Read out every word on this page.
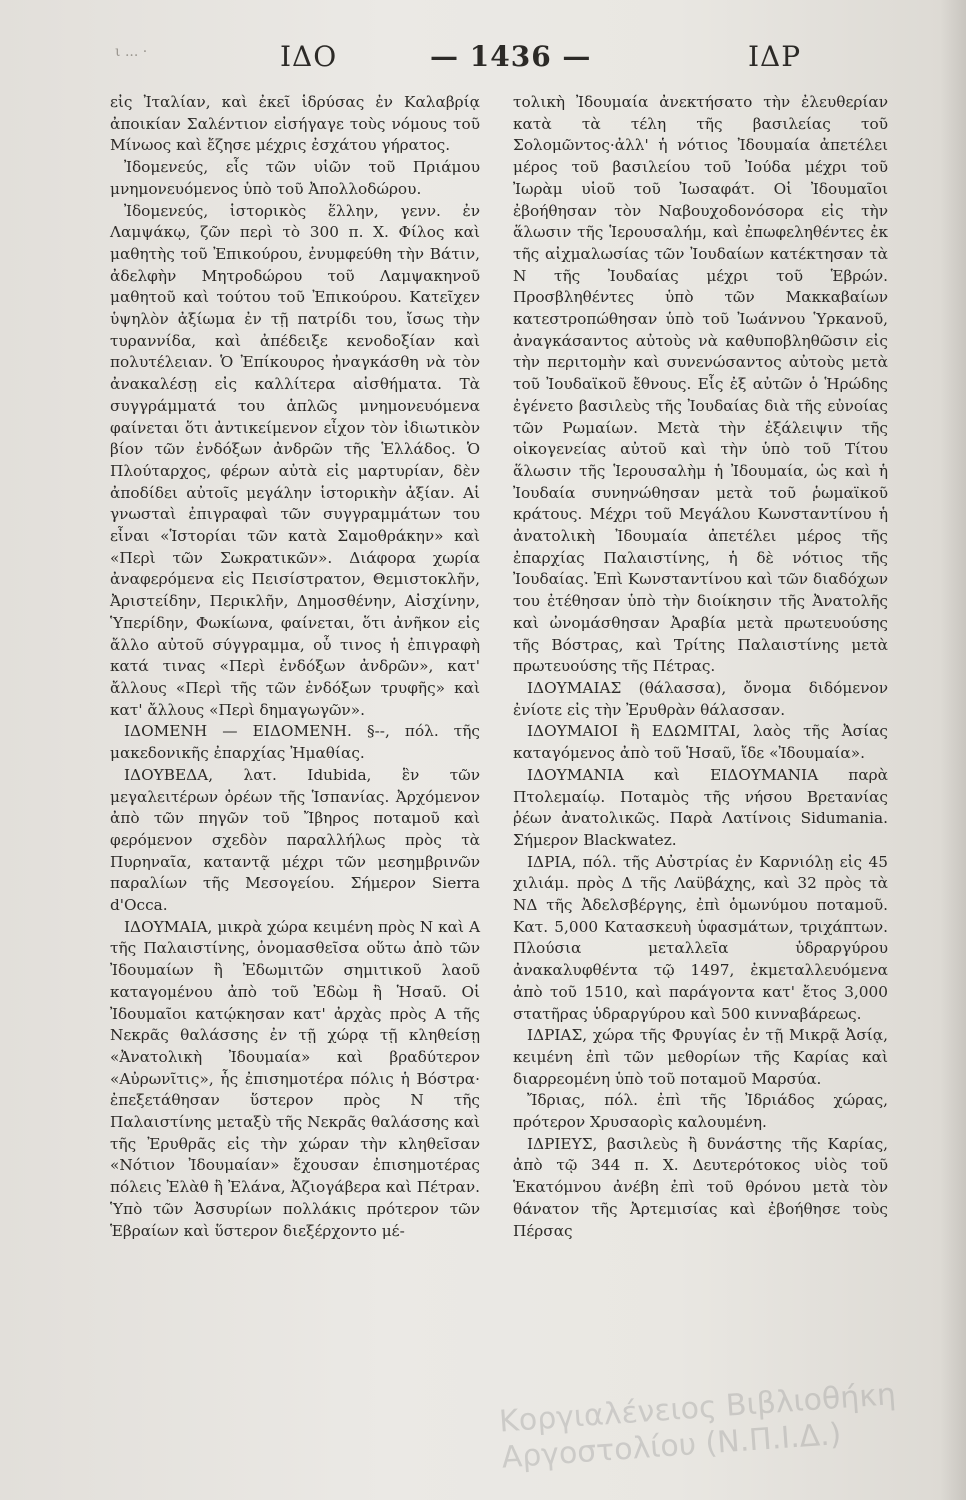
ι ... ·	ΙΔΟ	— 1436 —	ΙΔΡ

εἰς Ἰταλίαν, καὶ ἐκεῖ ἱδρύσας ἐν Καλαβρίᾳ ἀποικίαν Σαλέντιον εἰσήγαγε τοὺς νόμους τοῦ Μίνωος καὶ ἔζησε μέχρις ἐσχάτου γήρατος.

Ἰδομενεύς, εἷς τῶν υἱῶν τοῦ Πριάμου μνημονευόμενος ὑπὸ τοῦ Ἀπολλοδώρου.

Ἰδομενεύς, ἱστορικὸς ἕλλην, γενν. ἐν Λαμψάκῳ, ζῶν περὶ τὸ 300 π. Χ. Φίλος καὶ μαθητὴς τοῦ Ἐπικούρου, ἐνυμφεύθη τὴν Βάτιν, ἀδελφὴν Μητροδώρου τοῦ Λαμψακηνοῦ μαθητοῦ καὶ τούτου τοῦ Ἐπικούρου. Κατεῖχεν ὑψηλὸν ἀξίωμα ἐν τῇ πατρίδι του, ἴσως τὴν τυραννίδα, καὶ ἀπέδειξε κενοδοξίαν καὶ πολυτέλειαν. Ὁ Ἐπίκουρος ἠναγκάσθη νὰ τὸν ἀνακαλέσῃ εἰς καλλίτερα αἰσθήματα. Τὰ συγγράμματά του ἁπλῶς μνημονευόμενα φαίνεται ὅτι ἀντικείμενον εἶχον τὸν ἰδιωτικὸν βίον τῶν ἐνδόξων ἀνδρῶν τῆς Ἑλλάδος. Ὁ Πλούταρχος, φέρων αὐτὰ εἰς μαρτυρίαν, δὲν ἀποδίδει αὐτοῖς μεγάλην ἱστορικὴν ἀξίαν. Αἱ γνωσταὶ ἐπιγραφαὶ τῶν συγγραμμάτων του εἶναι «Ἱστορίαι τῶν κατὰ Σαμοθράκην» καὶ «Περὶ τῶν Σωκρατικῶν». Διάφορα χωρία ἀναφερόμενα εἰς Πεισίστρατον, Θεμιστοκλῆν, Ἀριστείδην, Περικλῆν, Δημοσθένην, Αἰσχίνην, Ὑπερίδην, Φωκίωνα, φαίνεται, ὅτι ἀνῆκον εἰς ἄλλο αὐτοῦ σύγγραμμα, οὗ τινος ἡ ἐπιγραφὴ κατά τινας «Περὶ ἐνδόξων ἀνδρῶν», κατ' ἄλλους «Περὶ τῆς τῶν ἐνδόξων τρυφῆς» καὶ κατ' ἄλλους «Περὶ δημαγωγῶν».

ΙΔΟΜΕΝΗ — ΕΙΔΟΜΕΝΗ. §--, πόλ. τῆς μακεδονικῆς ἐπαρχίας Ἠμαθίας.

ΙΔΟΥΒΕΔΑ, λατ. Idubida, ἓν τῶν μεγαλειτέρων ὀρέων τῆς Ἱσπανίας. Ἀρχόμενον ἀπὸ τῶν πηγῶν τοῦ Ἴβηρος ποταμοῦ καὶ φερόμενον σχεδὸν παραλλήλως πρὸς τὰ Πυρηναῖα, καταντᾷ μέχρι τῶν μεσημβρινῶν παραλίων τῆς Μεσογείου. Σήμερον Sierra d'Occa.

ΙΔΟΥΜΑΙΑ, μικρὰ χώρα κειμένη πρὸς Ν καὶ Α τῆς Παλαιστίνης, ὀνομασθεῖσα οὕτω ἀπὸ τῶν Ἰδουμαίων ἢ Ἐδωμιτῶν σημιτικοῦ λαοῦ καταγομένου ἀπὸ τοῦ Ἐδὼμ ἢ Ἡσαῦ. Οἱ Ἰδουμαῖοι κατῴκησαν κατ' ἀρχὰς πρὸς Α τῆς Νεκρᾶς θαλάσσης ἐν τῇ χώρᾳ τῇ κληθείσῃ «Ἀνατολικὴ Ἰδουμαία» καὶ βραδύτερον «Αὐρωνῖτις», ἧς ἐπισημοτέρα πόλις ἡ Βόστρα· ἐπεξετάθησαν ὕστερον πρὸς Ν τῆς Παλαιστίνης μεταξὺ τῆς Νεκρᾶς θαλάσσης καὶ τῆς Ἐρυθρᾶς εἰς τὴν χώραν τὴν κληθεῖσαν «Νότιον Ἰδουμαίαν» ἔχουσαν ἐπισημοτέρας πόλεις Ἐλὰθ ἢ Ἐλάνα, Ἀζιογάβερα καὶ Πέτραν. Ὑπὸ τῶν Ἀσσυρίων πολλάκις πρότερον τῶν Ἑβραίων καὶ ὕστερον διεξέρχοντο μέ-

τολικὴ Ἰδουμαία ἀνεκτήσατο τὴν ἐλευθερίαν κατὰ τὰ τέλη τῆς βασιλείας τοῦ Σολομῶντος·ἀλλ' ἡ νότιος Ἰδουμαία ἀπετέλει μέρος τοῦ βασιλείου τοῦ Ἰούδα μέχρι τοῦ Ἰωρὰμ υἱοῦ τοῦ Ἰωσαφάτ. Οἱ Ἰδουμαῖοι ἐβοήθησαν τὸν Ναβουχοδονόσορα εἰς τὴν ἅλωσιν τῆς Ἱερουσαλήμ, καὶ ἐπωφεληθέντες ἐκ τῆς αἰχμαλωσίας τῶν Ἰουδαίων κατέκτησαν τὰ Ν τῆς Ἰουδαίας μέχρι τοῦ Ἑβρών. Προσβληθέντες ὑπὸ τῶν Μακκαβαίων κατεστροπώθησαν ὑπὸ τοῦ Ἰωάννου Ὑρκανοῦ, ἀναγκάσαντος αὐτοὺς νὰ καθυποβληθῶσιν εἰς τὴν περιτομὴν καὶ συνενώσαντος αὐτοὺς μετὰ τοῦ Ἰουδαϊκοῦ ἔθνους. Εἷς ἐξ αὐτῶν ὁ Ἡρώδης ἐγένετο βασιλεὺς τῆς Ἰουδαίας διὰ τῆς εὐνοίας τῶν Ρωμαίων. Μετὰ τὴν ἐξάλειψιν τῆς οἰκογενείας αὐτοῦ καὶ τὴν ὑπὸ τοῦ Τίτου ἅλωσιν τῆς Ἱερουσαλὴμ ἡ Ἰδουμαία, ὡς καὶ ἡ Ἰουδαία συνηνώθησαν μετὰ τοῦ ῥωμαϊκοῦ κράτους. Μέχρι τοῦ Μεγάλου Κωνσταντίνου ἡ ἀνατολικὴ Ἰδουμαία ἀπετέλει μέρος τῆς ἐπαρχίας Παλαιστίνης, ἡ δὲ νότιος τῆς Ἰουδαίας. Ἐπὶ Κωνσταντίνου καὶ τῶν διαδόχων του ἐτέθησαν ὑπὸ τὴν διοίκησιν τῆς Ἀνατολῆς καὶ ὠνομάσθησαν Ἀραβία μετὰ πρωτευούσης τῆς Βόστρας, καὶ Τρίτης Παλαιστίνης μετὰ πρωτευούσης τῆς Πέτρας.

ΙΔΟΥΜΑΙΑΣ (θάλασσα), ὄνομα διδόμενον ἐνίοτε εἰς τὴν Ἐρυθρὰν θάλασσαν.

ΙΔΟΥΜΑΙΟΙ ἢ ΕΔΩΜΙΤΑΙ, λαὸς τῆς Ἀσίας καταγόμενος ἀπὸ τοῦ Ἡσαῦ, ἴδε «Ἰδουμαία».

ΙΔΟΥΜΑΝΙΑ καὶ ΕΙΔΟΥΜΑΝΙΑ παρὰ Πτολεμαίῳ. Ποταμὸς τῆς νήσου Βρετανίας ῥέων ἀνατολικῶς. Παρὰ Λατίνοις Sidumania. Σήμερον Blackwatez.

ΙΔΡΙΑ, πόλ. τῆς Αὐστρίας ἐν Καρνιόλῃ εἰς 45 χιλιάμ. πρὸς Δ τῆς Λαϋβάχης, καὶ 32 πρὸς τὰ ΝΔ τῆς Ἀδελσβέργης, ἐπὶ ὁμωνύμου ποταμοῦ. Κατ. 5,000 Κατασκευὴ ὑφασμάτων, τριχάπτων. Πλούσια μεταλλεῖα ὑδραργύρου ἀνακαλυφθέντα τῷ 1497, ἐκμεταλλευόμενα ἀπὸ τοῦ 1510, καὶ παράγοντα κατ' ἔτος 3,000 στατῆρας ὑδραργύρου καὶ 500 κινναβάρεως.

ΙΔΡΙΑΣ, χώρα τῆς Φρυγίας ἐν τῇ Μικρᾷ Ἀσίᾳ, κειμένη ἐπὶ τῶν μεθορίων τῆς Καρίας καὶ διαρρεομένη ὑπὸ τοῦ ποταμοῦ Μαρσύα.

Ἴδριας, πόλ. ἐπὶ τῆς Ἰδριάδος χώρας, πρότερον Χρυσαορὶς καλουμένη.

ΙΔΡΙΕΥΣ, βασιλεὺς ἢ δυνάστης τῆς Καρίας, ἀπὸ τῷ 344 π. Χ. Δευτερότοκος υἱὸς τοῦ Ἑκατόμνου ἀνέβη ἐπὶ τοῦ θρόνου μετὰ τὸν θάνατον τῆς Ἀρτεμισίας καὶ ἐβοήθησε τοὺς Πέρσας

Κοργιαλένειος Βιβλιοθήκη Αργοστολίου (Ν.Π.Ι.Δ.)
